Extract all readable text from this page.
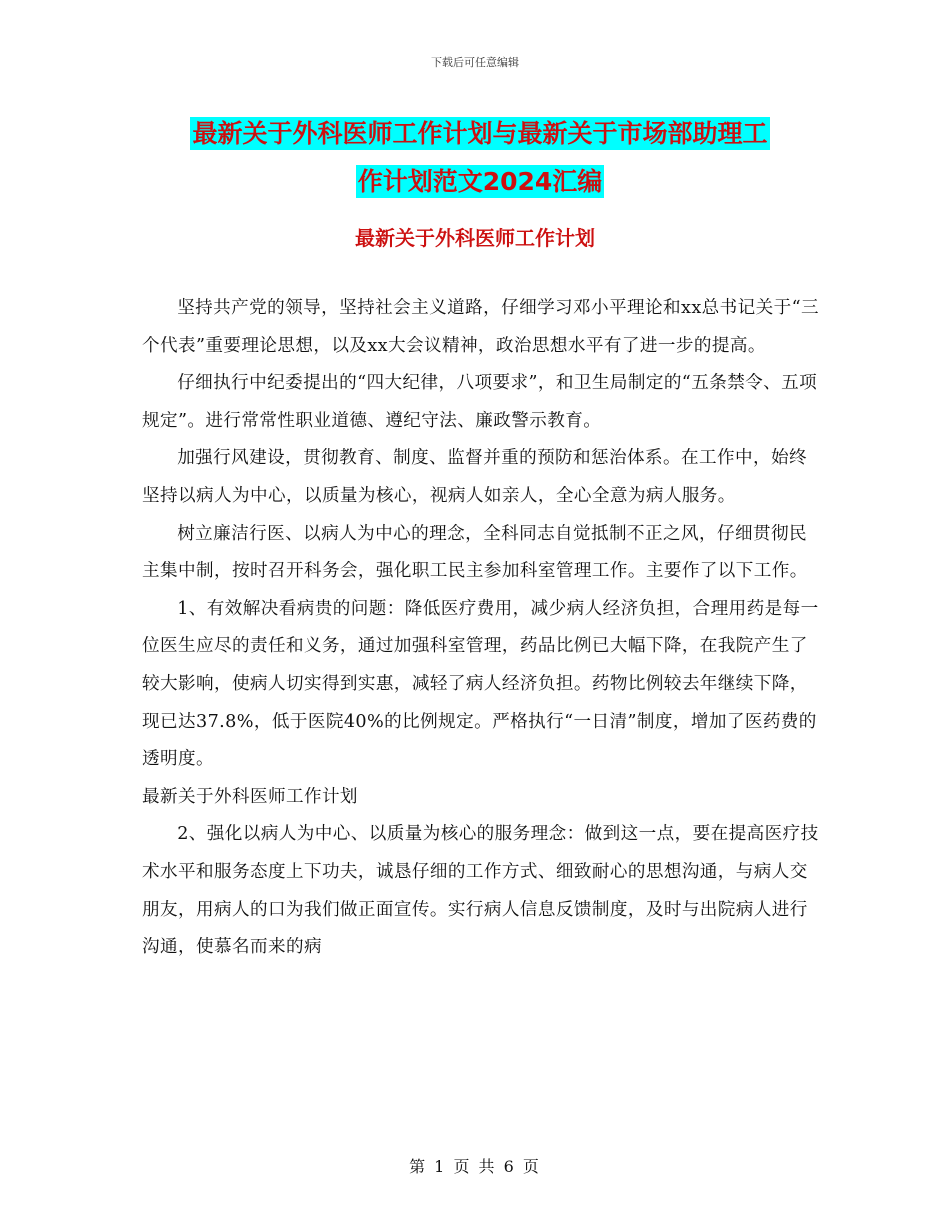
下载后可任意编辑
最新关于外科医师工作计划与最新关于市场部助理工
作计划范文2024汇编
最新关于外科医师工作计划

坚持共产党的领导，坚持社会主义道路，仔细学习邓小平理论和xx总书记关于“三个代表”重要理论思想，以及xx大会议精神，政治思想水平有了进一步的提高。

仔细执行中纪委提出的“四大纪律，八项要求”，和卫生局制定的“五条禁令、五项规定”。进行常常性职业道德、遵纪守法、廉政警示教育。

加强行风建设，贯彻教育、制度、监督并重的预防和惩治体系。在工作中，始终坚持以病人为中心，以质量为核心，视病人如亲人，全心全意为病人服务。

树立廉洁行医、以病人为中心的理念，全科同志自觉抵制不正之风，仔细贯彻民主集中制，按时召开科务会，强化职工民主参加科室管理工作。主要作了以下工作。

1、有效解决看病贵的问题：降低医疗费用，减少病人经济负担，合理用药是每一位医生应尽的责任和义务，通过加强科室管理，药品比例已大幅下降，在我院产生了较大影响，使病人切实得到实惠，减轻了病人经济负担。药物比例较去年继续下降，现已达37.8%，低于医院40%的比例规定。严格执行“一日清”制度，增加了医药费的透明度。

最新关于外科医师工作计划

2、强化以病人为中心、以质量为核心的服务理念：做到这一点，要在提高医疗技术水平和服务态度上下功夫，诚恳仔细的工作方式、细致耐心的思想沟通，与病人交朋友，用病人的口为我们做正面宣传。实行病人信息反馈制度，及时与出院病人进行沟通，使慕名而来的病

第 1 页 共 6 页
